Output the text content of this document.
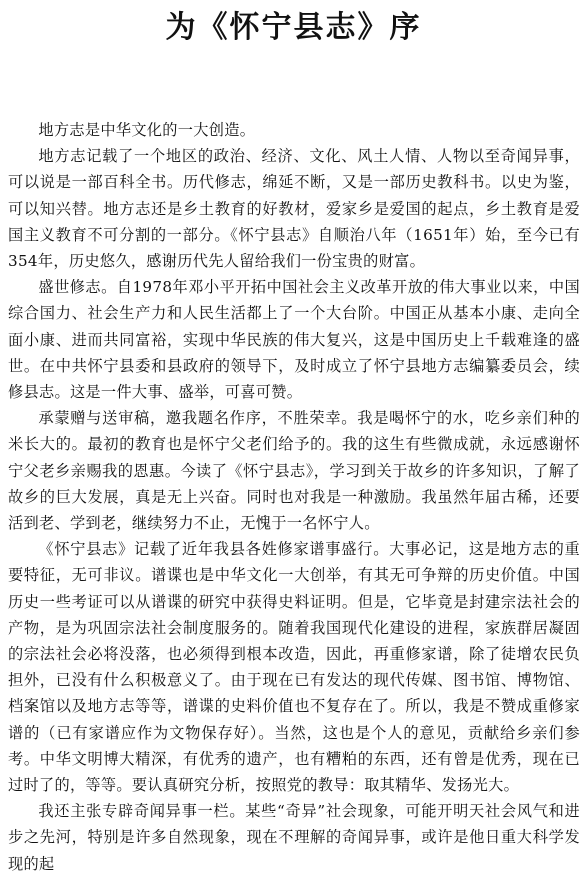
为《怀宁县志》序

地方志是中华文化的一大创造。

地方志记载了一个地区的政治、经济、文化、风土人情、人物以至奇闻异事，可以说是一部百科全书。历代修志，绵延不断，又是一部历史教科书。以史为鉴，可以知兴替。地方志还是乡土教育的好教材，爱家乡是爱国的起点，乡土教育是爱国主义教育不可分割的一部分。《怀宁县志》自顺治八年（1651年）始，至今已有354年，历史悠久，感谢历代先人留给我们一份宝贵的财富。

盛世修志。自1978年邓小平开拓中国社会主义改革开放的伟大事业以来，中国综合国力、社会生产力和人民生活都上了一个大台阶。中国正从基本小康、走向全面小康、进而共同富裕，实现中华民族的伟大复兴，这是中国历史上千载难逢的盛世。在中共怀宁县委和县政府的领导下，及时成立了怀宁县地方志编纂委员会，续修县志。这是一件大事、盛举，可喜可赞。

承蒙赠与送审稿，邀我题名作序，不胜荣幸。我是喝怀宁的水，吃乡亲们种的米长大的。最初的教育也是怀宁父老们给予的。我的这生有些微成就，永远感谢怀宁父老乡亲赐我的恩惠。今读了《怀宁县志》，学习到关于故乡的许多知识，了解了故乡的巨大发展，真是无上兴奋。同时也对我是一种激励。我虽然年届古稀，还要活到老、学到老，继续努力不止，无愧于一名怀宁人。

《怀宁县志》记载了近年我县各姓修家谱事盛行。大事必记，这是地方志的重要特征，无可非议。谱谍也是中华文化一大创举，有其无可争辩的历史价值。中国历史一些考证可以从谱谍的研究中获得史料证明。但是，它毕竟是封建宗法社会的产物，是为巩固宗法社会制度服务的。随着我国现代化建设的进程，家族群居凝固的宗法社会必将没落，也必须得到根本改造，因此，再重修家谱，除了徒增农民负担外，已没有什么积极意义了。由于现在已有发达的现代传媒、图书馆、博物馆、档案馆以及地方志等等，谱谍的史料价值也不复存在了。所以，我是不赞成重修家谱的（已有家谱应作为文物保存好）。当然，这也是个人的意见，贡献给乡亲们参考。中华文明博大精深，有优秀的遗产，也有糟粕的东西，还有曾是优秀，现在已过时了的，等等。要认真研究分析，按照党的教导：取其精华、发扬光大。

我还主张专辟奇闻异事一栏。某些“奇异”社会现象，可能开明天社会风气和进步之先河，特别是许多自然现象，现在不理解的奇闻异事，或许是他日重大科学发现的起
